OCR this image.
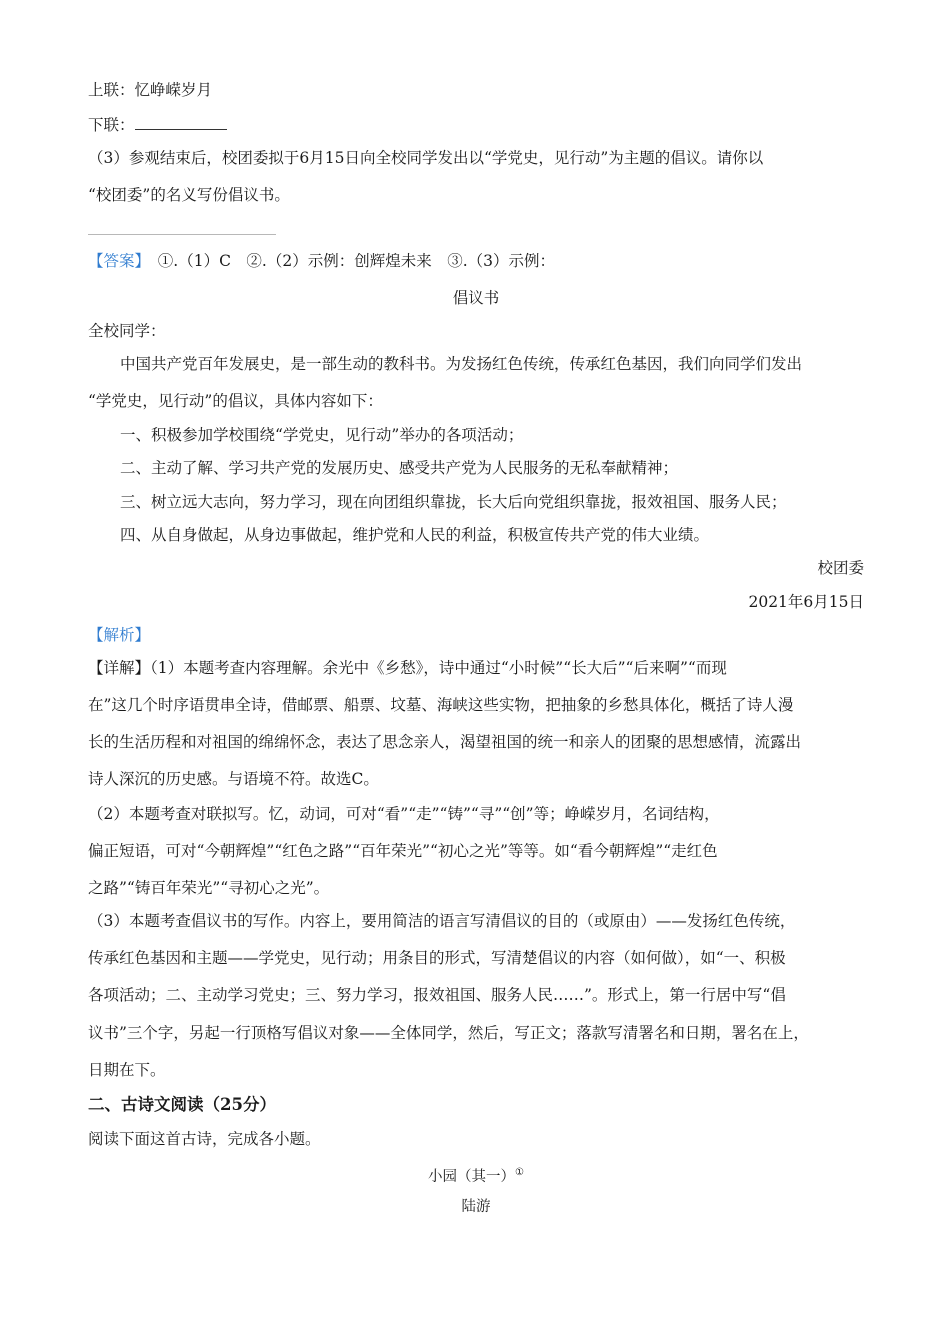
上联：忆峥嵘岁月
下联：
（3）参观结束后，校团委拟于6月15日向全校同学发出以“学党史，见行动”为主题的倡议。请你以
“校团委”的名义写份倡议书。
【答案】　 ①.（1）C　②.（2）示例：创辉煌未来　③.（3）示例：
倡议书
全校同学：
中国共产党百年发展史，是一部生动的教科书。为发扬红色传统，传承红色基因，我们向同学们发出
“学党史，见行动”的倡议，具体内容如下：
一、积极参加学校围绕“学党史，见行动”举办的各项活动；
二、主动了解、学习共产党的发展历史、感受共产党为人民服务的无私奉献精神；
三、树立远大志向，努力学习，现在向团组织靠拢，长大后向党组织靠拢，报效祖国、服务人民；
四、从自身做起，从身边事做起，维护党和人民的利益，积极宣传共产党的伟大业绩。
校团委
2021年6月15日
【解析】
【详解】（1）本题考查内容理解。余光中《乡愁》，诗中通过“小时候”“长大后”“后来啊”“而现
在”这几个时序语贯串全诗，借邮票、船票、坟墓、海峡这些实物，把抽象的乡愁具体化，概括了诗人漫
长的生活历程和对祖国的绵绵怀念，表达了思念亲人，渴望祖国的统一和亲人的团聚的思想感情，流露出
诗人深沉的历史感。与语境不符。故选C。
（2）本题考查对联拟写。忆，动词，可对“看”“走”“铸”“寻”“创”等；峥嵘岁月，名词结构，
偏正短语，可对“今朝辉煌”“红色之路”“百年荣光”“初心之光”等等。如“看今朝辉煌”“走红色
之路”“铸百年荣光”“寻初心之光”。
（3）本题考查倡议书的写作。内容上，要用简洁的语言写清倡议的目的（或原由）——发扬红色传统，
传承红色基因和主题——学党史，见行动；用条目的形式，写清楚倡议的内容（如何做），如“一、积极
各项活动；二、主动学习党史；三、努力学习，报效祖国、服务人民……”。形式上，第一行居中写“倡
议书”三个字，另起一行顶格写倡议对象——全体同学，然后，写正文；落款写清署名和日期，署名在上，
日期在下。
二、古诗文阅读（25分）
阅读下面这首古诗，完成各小题。
小园（其一）①
陆游
